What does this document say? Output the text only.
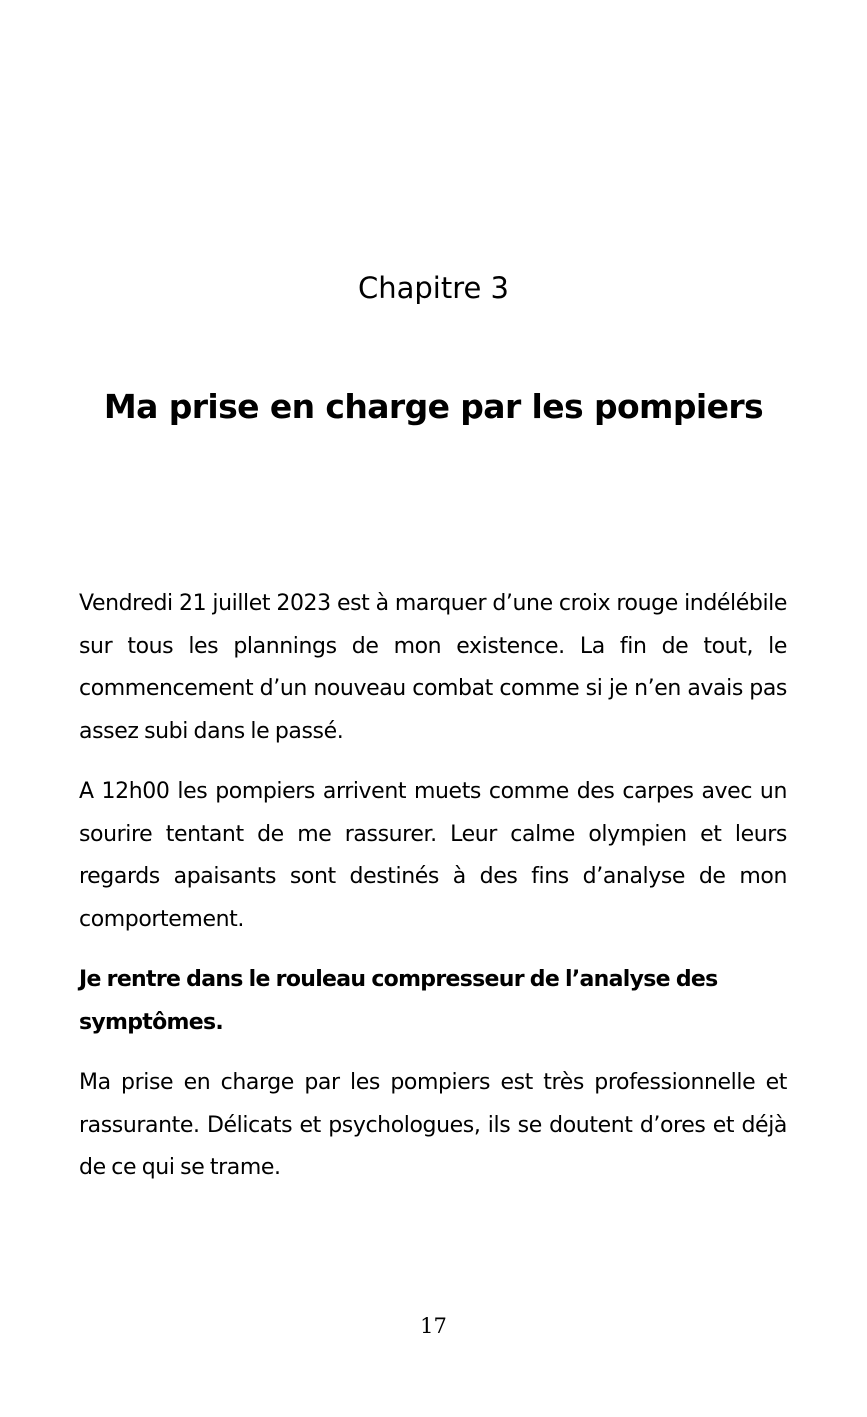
Chapitre 3
Ma prise en charge par les pompiers

Vendredi 21 juillet 2023 est à marquer d’une croix rouge indélébile sur tous les plannings de mon existence. La fin de tout, le commencement d’un nouveau combat comme si je n’en avais pas assez subi dans le passé.

A 12h00 les pompiers arrivent muets comme des carpes avec un sourire tentant de me rassurer. Leur calme olympien et leurs regards apaisants sont destinés à des fins d’analyse de mon comportement.

Je rentre dans le rouleau compresseur de l’analyse des symptômes.

Ma prise en charge par les pompiers est très professionnelle et rassurante. Délicats et psychologues, ils se doutent d’ores et déjà de ce qui se trame.

17
